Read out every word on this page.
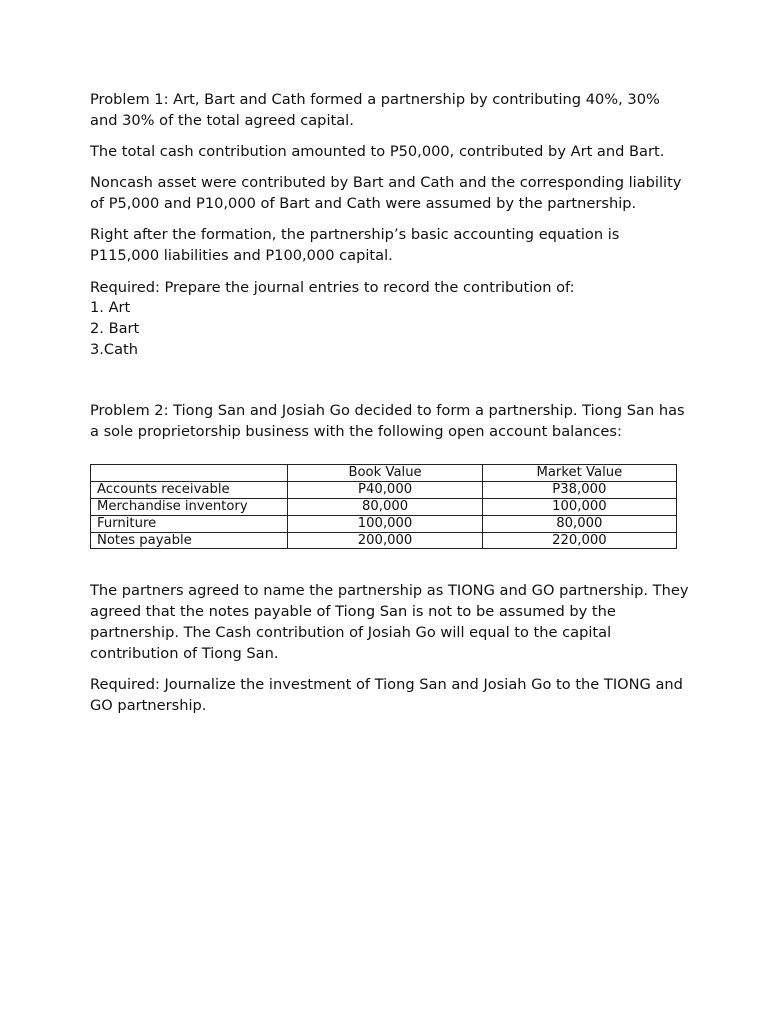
Problem 1: Art, Bart and Cath formed a partnership by contributing 40%, 30% and 30% of the total agreed capital.

The total cash contribution amounted to P50,000, contributed by Art and Bart.

Noncash asset were contributed by Bart and Cath and the corresponding liability of P5,000 and P10,000 of Bart and Cath were assumed by the partnership.

Right after the formation, the partnership’s basic accounting equation is P115,000 liabilities and P100,000 capital.

Required: Prepare the journal entries to record the contribution of:

1. Art
2. Bart
3.Cath

Problem 2: Tiong San and Josiah Go decided to form a partnership. Tiong San has a sole proprietorship business with the following open account balances:

	Book Value	Market Value
Accounts receivable	P40,000	P38,000
Merchandise inventory	80,000	100,000
Furniture	100,000	80,000
Notes payable	200,000	220,000

The partners agreed to name the partnership as TIONG and GO partnership. They agreed that the notes payable of Tiong San is not to be assumed by the partnership. The Cash contribution of Josiah Go will equal to the capital contribution of Tiong San.

Required: Journalize the investment of Tiong San and Josiah Go to the TIONG and GO partnership.
